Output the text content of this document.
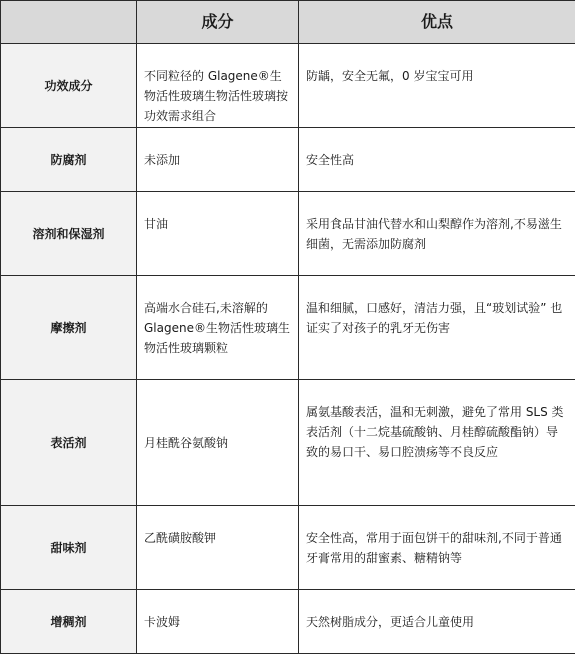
	成分	优点
功效成分	不同粒径的 Glagene®生物活性玻璃生物活性玻璃按功效需求组合	防龋，安全无氟，0 岁宝宝可用
防腐剂	未添加	安全性高
溶剂和保湿剂	甘油	采用食品甘油代替水和山梨醇作为溶剂,不易滋生细菌，无需添加防腐剂
摩擦剂	高端水合硅石,未溶解的 Glagene®生物活性玻璃生物活性玻璃颗粒	温和细腻，口感好，清洁力强，且“玻划试验” 也证实了对孩子的乳牙无伤害
表活剂	月桂酰谷氨酸钠	属氨基酸表活，温和无刺激，避免了常用 SLS 类表活剂（十二烷基硫酸钠、月桂醇硫酸酯钠）导致的易口干、易口腔溃疡等不良反应
甜味剂	乙酰磺胺酸钾	安全性高，常用于面包饼干的甜味剂,不同于普通牙膏常用的甜蜜素、糖精钠等
增稠剂	卡波姆	天然树脂成分，更适合儿童使用
